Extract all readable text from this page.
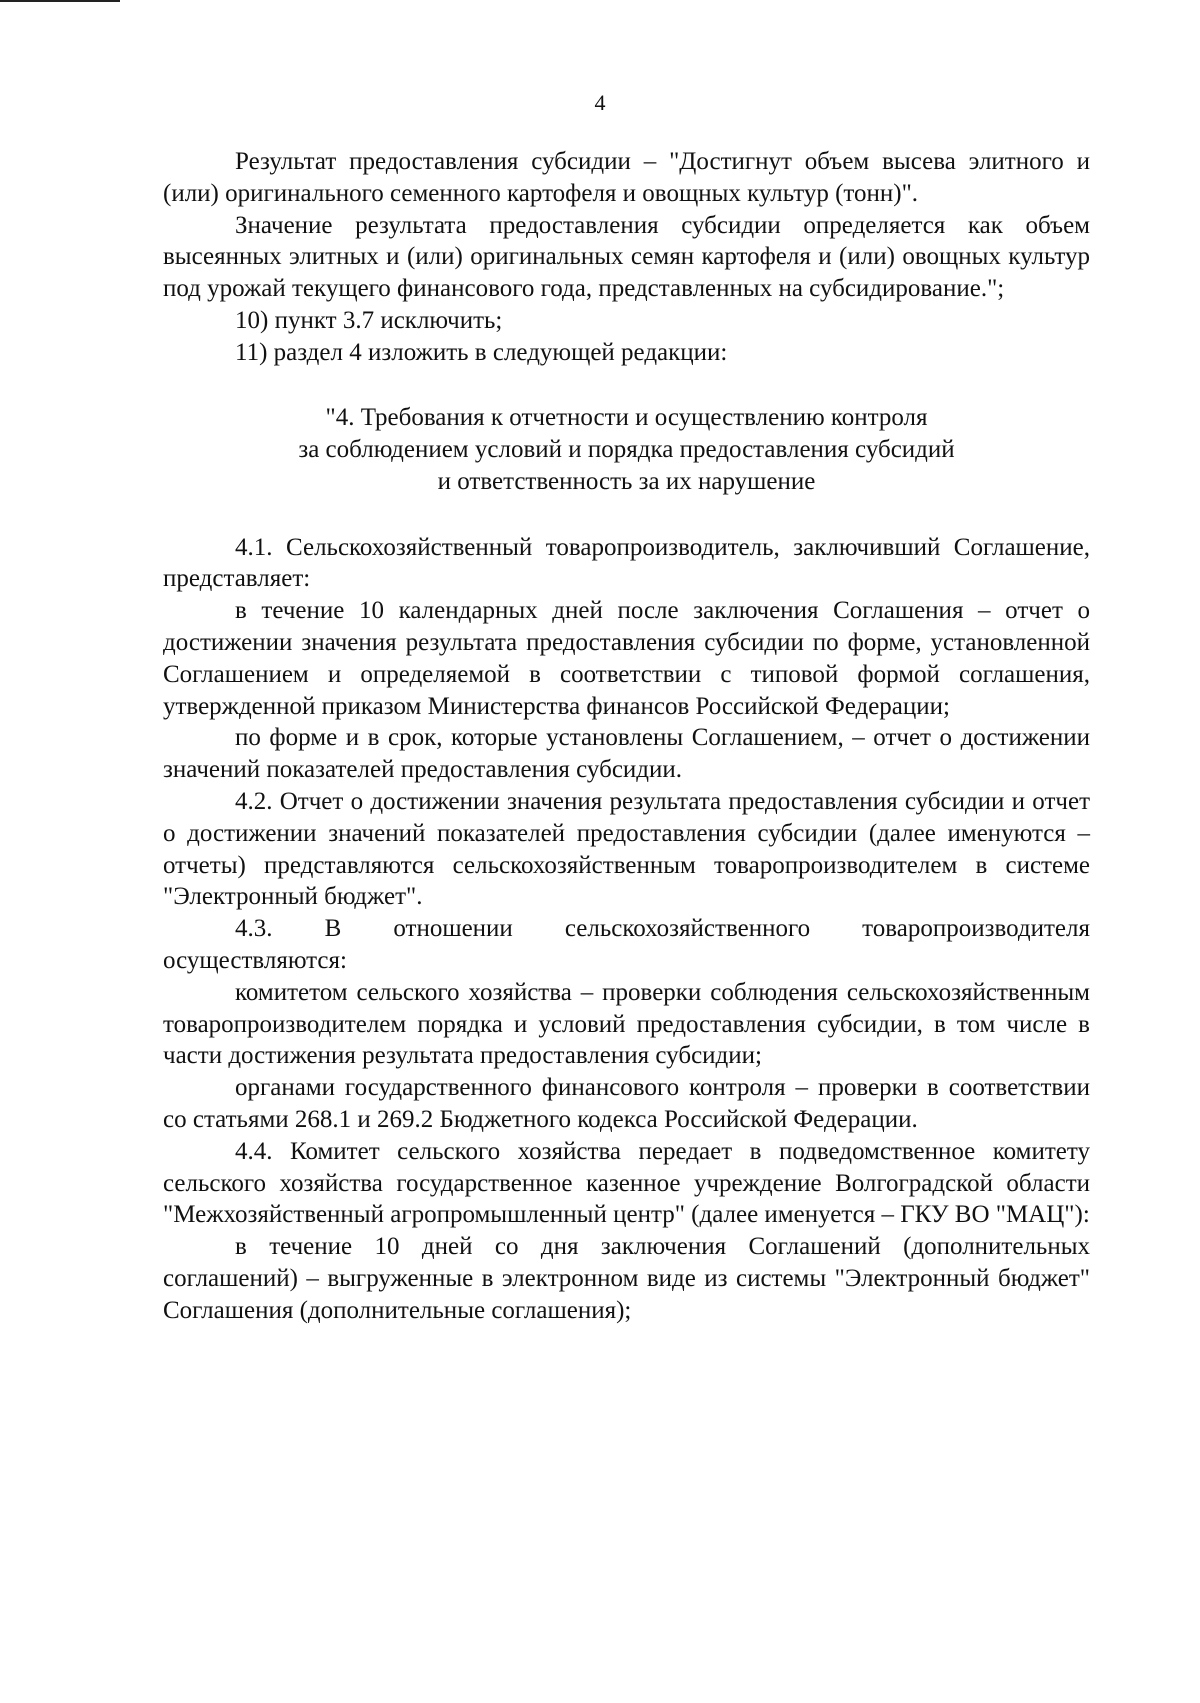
4

Результат предоставления субсидии – "Достигнут объем высева элитного и (или) оригинального семенного картофеля и овощных культур (тонн)".

Значение результата предоставления субсидии определяется как объем высеянных элитных и (или) оригинальных семян картофеля и (или) овощных культур под урожай текущего финансового года, представленных на субсидирование.";

10) пункт 3.7 исключить;

11) раздел 4 изложить в следующей редакции:

"4. Требования к отчетности и осуществлению контроля
за соблюдением условий и порядка предоставления субсидий
и ответственность за их нарушение

4.1. Сельскохозяйственный товаропроизводитель, заключивший Соглашение, представляет:

в течение 10 календарных дней после заключения Соглашения – отчет о достижении значения результата предоставления субсидии по форме, установленной Соглашением и определяемой в соответствии с типовой формой соглашения, утвержденной приказом Министерства финансов Российской Федерации;

по форме и в срок, которые установлены Соглашением, – отчет о достижении значений показателей предоставления субсидии.

4.2. Отчет о достижении значения результата предоставления субсидии и отчет о достижении значений показателей предоставления субсидии (далее именуются – отчеты) представляются сельскохозяйственным товаропроизводителем в системе "Электронный бюджет".

4.3. В отношении сельскохозяйственного товаропроизводителя осуществляются:

комитетом сельского хозяйства – проверки соблюдения сельскохозяйственным товаропроизводителем порядка и условий предоставления субсидии, в том числе в части достижения результата предоставления субсидии;

органами государственного финансового контроля – проверки в соответствии со статьями 268.1 и 269.2 Бюджетного кодекса Российской Федерации.

4.4. Комитет сельского хозяйства передает в подведомственное комитету сельского хозяйства государственное казенное учреждение Волгоградской области "Межхозяйственный агропромышленный центр" (далее именуется – ГКУ ВО "МАЦ"):

в течение 10 дней со дня заключения Соглашений (дополнительных соглашений) – выгруженные в электронном виде из системы "Электронный бюджет" Соглашения (дополнительные соглашения);
